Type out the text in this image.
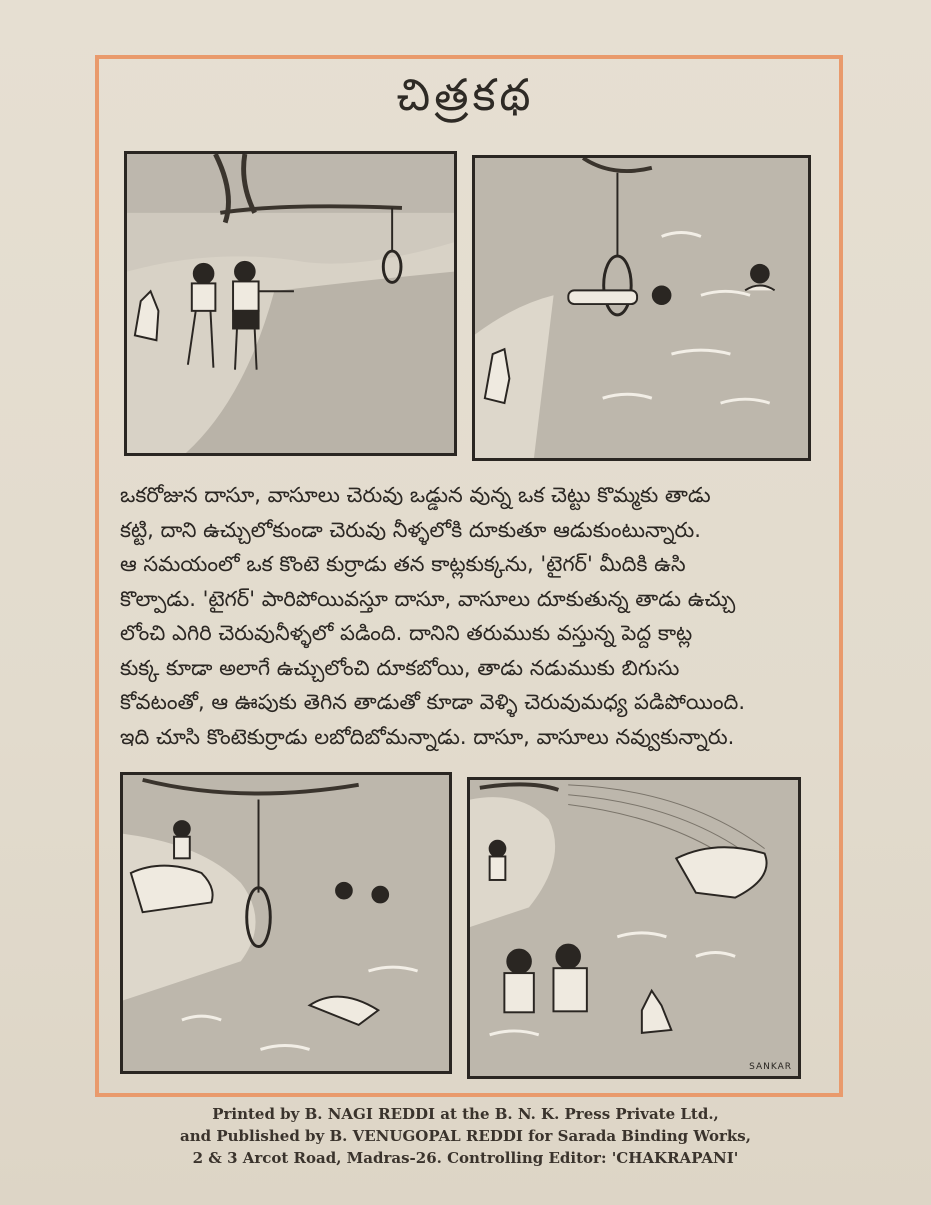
చిత్రకథ
ఒకరోజున దాసూ, వాసూలు చెరువు ఒడ్డున వున్న ఒక చెట్టు కొమ్మకు తాడు
కట్టి, దాని ఉచ్చులోకుండా చెరువు నీళ్ళలోకి దూకుతూ ఆడుకుంటున్నారు.
ఆ సమయంలో ఒక కొంటె కుర్రాడు తన కాట్లకుక్కను, 'టైగర్' మీదికి ఉసి
కొల్పాడు. 'టైగర్' పారిపోయివస్తూ దాసూ, వాసూలు దూకుతున్న తాడు ఉచ్చు
లోంచి ఎగిరి చెరువునీళ్ళలో పడింది. దానిని తరుముకు వస్తున్న పెద్ద కాట్ల
కుక్క కూడా అలాగే ఉచ్చులోంచి దూకబోయి, తాడు నడుముకు బిగుసు
కోవటంతో, ఆ ఊపుకు తెగిన తాడుతో కూడా వెళ్ళి చెరువుమధ్య పడిపోయింది.
ఇది చూసి కొంటెకుర్రాడు లబోదిబోమన్నాడు. దాసూ, వాసూలు నవ్వుకున్నారు.
SANKAR
Printed by B. NAGI REDDI at the B. N. K. Press Private Ltd.,
and Published by B. VENUGOPAL REDDI for Sarada Binding Works,
2 & 3 Arcot Road, Madras-26. Controlling Editor: 'CHAKRAPANI'
